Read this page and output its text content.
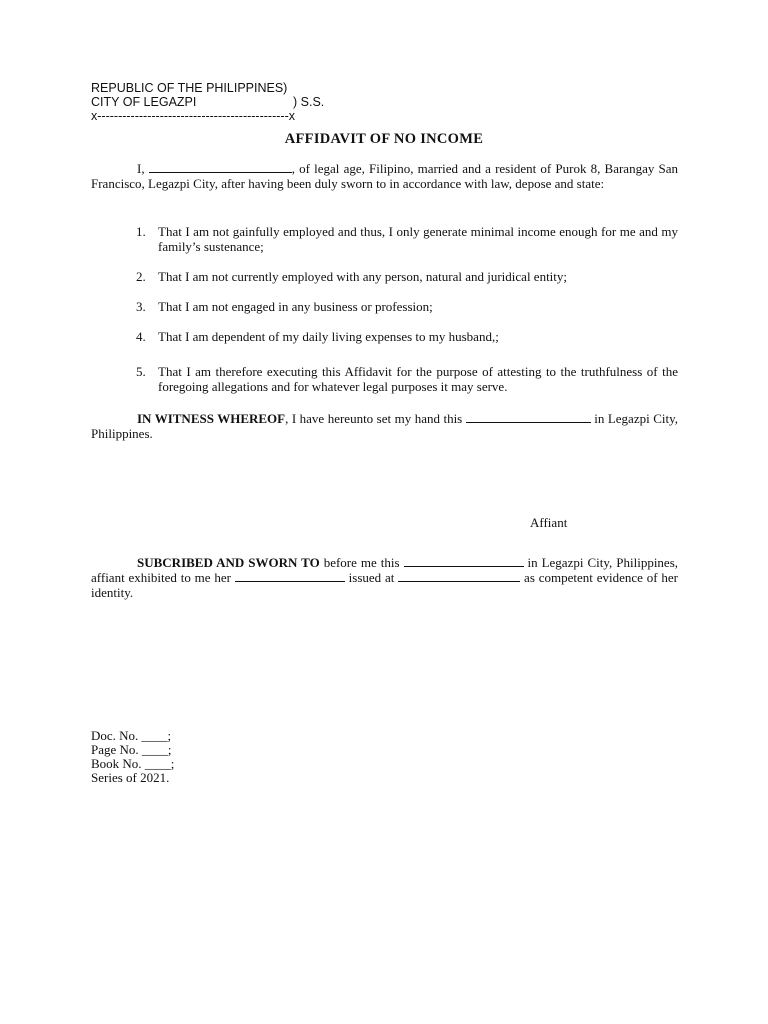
REPUBLIC OF THE PHILIPPINES)
CITY OF LEGAZPI	) S.S.
x----------------------------------------------x
AFFIDAVIT OF NO INCOME
I,	, of legal age, Filipino, married and a resident of Purok 8, Barangay San Francisco, Legazpi City, after having been duly sworn to in accordance with law, depose and state:
1. That I am not gainfully employed and thus, I only generate minimal income enough for me and my family’s sustenance;
2. That I am not currently employed with any person, natural and juridical entity;
3. That I am not engaged in any business or profession;
4. That I am dependent of my daily living expenses to my husband,;
5. That I am therefore executing this Affidavit for the purpose of attesting to the truthfulness of the foregoing allegations and for whatever legal purposes it may serve.
IN WITNESS WHEREOF, I have hereunto set my hand this	in Legazpi City, Philippines.
Affiant
SUBCRIBED AND SWORN TO before me this	in Legazpi City, Philippines, affiant exhibited to me her	issued at	as competent evidence of her identity.
Doc. No. ____;
Page No. ____;
Book No. ____;
Series of 2021.
